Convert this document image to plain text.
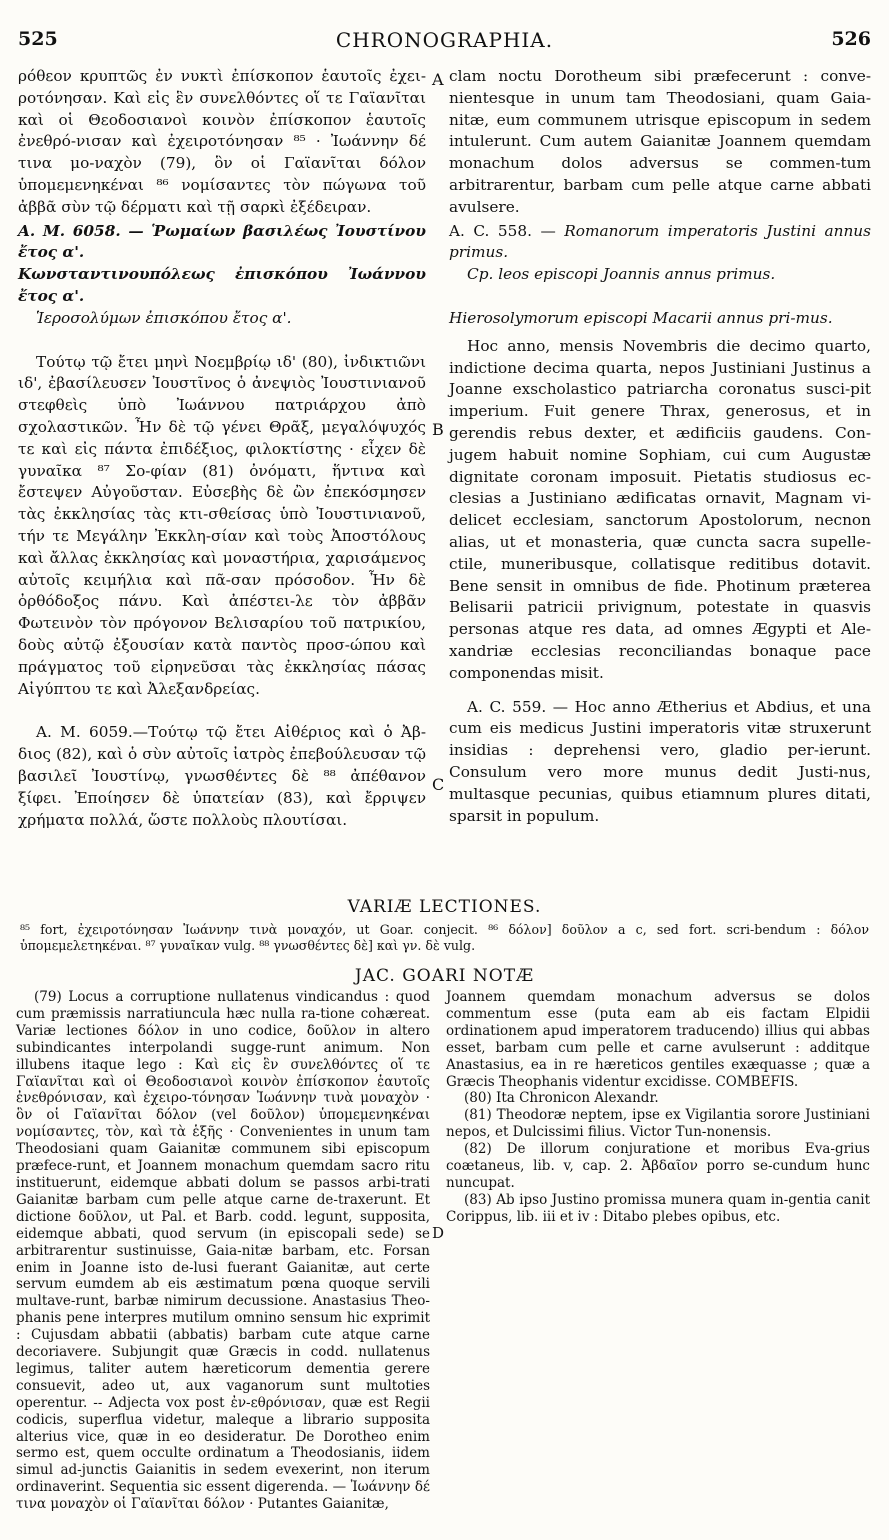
525	CHRONOGRAPHIA.	526

ρόθεον κρυπτῶς ἐν νυκτὶ ἐπίσκοπον ἑαυτοῖς ἐχει-ροτόνησαν. Καὶ εἰς ἓν συνελθόντες οἵ τε Γαϊανῖται καὶ οἱ Θεοδοσιανοὶ κοινὸν ἐπίσκοπον ἑαυτοῖς ἐνεθρό-νισαν καὶ ἐχειροτόνησαν ⁸⁵ · Ἰωάννην δέ τινα μο-ναχὸν (79), ὃν οἱ Γαϊανῖται δόλον ὑπομεμενηκέναι ⁸⁶ νομίσαντες τὸν πώγωνα τοῦ ἀββᾶ σὺν τῷ δέρματι καὶ τῇ σαρκὶ ἐξέδειραν.

A. M. 6058. — Ῥωμαίων βασιλέως Ἰουστίνου ἔτος α'.

Κωνσταντινουπόλεως ἐπισκόπου Ἰωάννου ἔτος α'.

Ἱεροσολύμων ἐπισκόπου ἔτος α'.

Τούτῳ τῷ ἔτει μηνὶ Νοεμβρίῳ ιδ' (80), ἰνδικτιῶνι ιδ', ἐβασίλευσεν Ἰουστῖνος ὁ ἀνεψιὸς Ἰουστινιανοῦ στεφθεὶς ὑπὸ Ἰωάννου πατριάρχου ἀπὸ σχολαστικῶν. Ἦν δὲ τῷ γένει Θρᾶξ, μεγαλόψυχός τε καὶ εἰς πάντα ἐπιδέξιος, φιλοκτίστης · εἶχεν δὲ γυναῖκα ⁸⁷ Σο-φίαν (81) ὀνόματι, ἥντινα καὶ ἔστεψεν Αὐγοῦσταν. Εὐσεβὴς δὲ ὢν ἐπεκόσμησεν τὰς ἐκκλησίας τὰς κτι-σθείσας ὑπὸ Ἰουστινιανοῦ, τήν τε Μεγάλην Ἐκκλη-σίαν καὶ τοὺς Ἀποστόλους καὶ ἄλλας ἐκκλησίας καὶ μοναστήρια, χαρισάμενος αὐτοῖς κειμήλια καὶ πᾶ-σαν πρόσοδον. Ἦν δὲ ὀρθόδοξος πάνυ. Καὶ ἀπέστει-λε τὸν ἀββᾶν Φωτεινὸν τὸν πρόγονον Βελισαρίου τοῦ πατρικίου, δοὺς αὐτῷ ἐξουσίαν κατὰ παντὸς προσ-ώπου καὶ πράγματος τοῦ εἰρηνεῦσαι τὰς ἐκκλησίας πάσας Αἰγύπτου τε καὶ Ἀλεξανδρείας.

A. M. 6059.—Τούτῳ τῷ ἔτει Αἰθέριος καὶ ὁ Ἀβ-διος (82), καὶ ὁ σὺν αὐτοῖς ἰατρὸς ἐπεβούλευσαν τῷ βασιλεῖ Ἰουστίνῳ, γνωσθέντες δὲ ⁸⁸ ἀπέθανον ξίφει. Ἐποίησεν δὲ ὑπατείαν (83), καὶ ἔρριψεν χρήματα πολλά, ὥστε πολλοὺς πλουτίσαι.

A
B
C

clam noctu Dorotheum sibi præfecerunt : conve-nientesque in unum tam Theodosiani, quam Gaia-nitæ, eum communem utrisque episcopum in sedem intulerunt. Cum autem Gaianitæ Joannem quemdam monachum dolos adversus se commen-tum arbitrarentur, barbam cum pelle atque carne abbati avulsere.

A. C. 558. — Romanorum imperatoris Justini annus primus.

Cp. leos episcopi Joannis annus primus.

Hierosolymorum episcopi Macarii annus pri-mus.

Hoc anno, mensis Novembris die decimo quarto, indictione decima quarta, nepos Justiniani Justinus a Joanne exscholastico patriarcha coronatus susci-pit imperium. Fuit genere Thrax, generosus, et in gerendis rebus dexter, et ædificiis gaudens. Con-jugem habuit nomine Sophiam, cui cum Augustæ dignitate coronam imposuit. Pietatis studiosus ec-clesias a Justiniano ædificatas ornavit, Magnam vi-delicet ecclesiam, sanctorum Apostolorum, necnon alias, ut et monasteria, quæ cuncta sacra supelle-ctile, muneribusque, collatisque reditibus dotavit. Bene sensit in omnibus de fide. Photinum præterea Belisarii patricii privignum, potestate in quasvis personas atque res data, ad omnes Ægypti et Ale-xandriæ ecclesias reconciliandas bonaque pace componendas misit.

A. C. 559. — Hoc anno Ætherius et Abdius, et una cum eis medicus Justini imperatoris vitæ struxerunt insidias : deprehensi vero, gladio per-ierunt. Consulum vero more munus dedit Justi-nus, multasque pecunias, quibus etiamnum plures ditati, sparsit in populum.

VARIÆ LECTIONES.
⁸⁵ fort, ἐχειροτόνησαν Ἰωάννην τινὰ μοναχόν, ut Goar. conjecit. ⁸⁶ δόλον] δοῦλον a c, sed fort. scri-bendum : δόλον ὑπομεμελετηκέναι. ⁸⁷ γυναῖκαν vulg. ⁸⁸ γνωσθέντες δὲ] καὶ γν. δὲ vulg.
JAC. GOARI NOTÆ

(79) Locus a corruptione nullatenus vindicandus : quod cum præmissis narratiuncula hæc nulla ra-tione cohæreat. Variæ lectiones δόλον in uno codice, δοῦλον in altero subindicantes interpolandi sugge-runt animum. Non illubens itaque lego : Καὶ εἰς ἓν συνελθόντες οἵ τε Γαϊανῖται καὶ οἱ Θεοδοσιανοὶ κοινὸν ἐπίσκοπον ἑαυτοῖς ἐνεθρόνισαν, καὶ ἐχειρο-τόνησαν Ἰωάννην τινὰ μοναχὸν · ὃν οἱ Γαϊανῖται δόλον (vel δοῦλον) ὑπομεμενηκέναι νομίσαντες, τὸν, καὶ τὰ ἑξῆς · Convenientes in unum tam Theodosiani quam Gaianitæ communem sibi episcopum præfece-runt, et Joannem monachum quemdam sacro ritu instituerunt, eidemque abbati dolum se passos arbi-trati Gaianitæ barbam cum pelle atque carne de-traxerunt. Et dictione δοῦλον, ut Pal. et Barb. codd. legunt, supposita, eidemque abbati, quod servum (in episcopali sede) se arbitrarentur sustinuisse, Gaia-nitæ barbam, etc. Forsan enim in Joanne isto de-lusi fuerant Gaianitæ, aut certe servum eumdem ab eis æstimatum pœna quoque servili multave-runt, barbæ nimirum decussione. Anastasius Theo-phanis pene interpres mutilum omnino sensum hic exprimit : Cujusdam abbatii (abbatis) barbam cute atque carne decoriavere. Subjungit quæ Græcis in codd. nullatenus legimus, taliter autem hæreticorum dementia gerere consuevit, adeo ut, aux vaganorum sunt multoties operentur. -- Adjecta vox post ἐν-εθρόνισαν, quæ est Regii codicis, superflua videtur, maleque a librario supposita alterius vice, quæ in eo desideratur. De Dorotheo enim sermo est, quem occulte ordinatum a Theodosianis, iidem simul ad-junctis Gaianitis in sedem evexerint, non iterum ordinaverint. Sequentia sic essent digerenda. — Ἰωάννην δέ τινα μοναχὸν οἱ Γαϊανῖται δόλον · Putantes Gaianitæ,

D

Joannem quemdam monachum adversus se dolos commentum esse (puta eam ab eis factam Elpidii ordinationem apud imperatorem traducendo) illius qui abbas esset, barbam cum pelle et carne avulserunt : additque Anastasius, ea in re hæreticos gentiles exæquasse ; quæ a Græcis Theophanis videntur excidisse. COMBEFIS.

(80) Ita Chronicon Alexandr.

(81) Theodoræ neptem, ipse ex Vigilantia sorore Justiniani nepos, et Dulcissimi filius. Victor Tun-nonensis.

(82) De illorum conjuratione et moribus Eva-grius coætaneus, lib. v, cap. 2. Ἀβδαῖον porro se-cundum hunc nuncupat.

(83) Ab ipso Justino promissa munera quam in-gentia canit Corippus, lib. iii et iv : Ditabo plebes opibus, etc.
